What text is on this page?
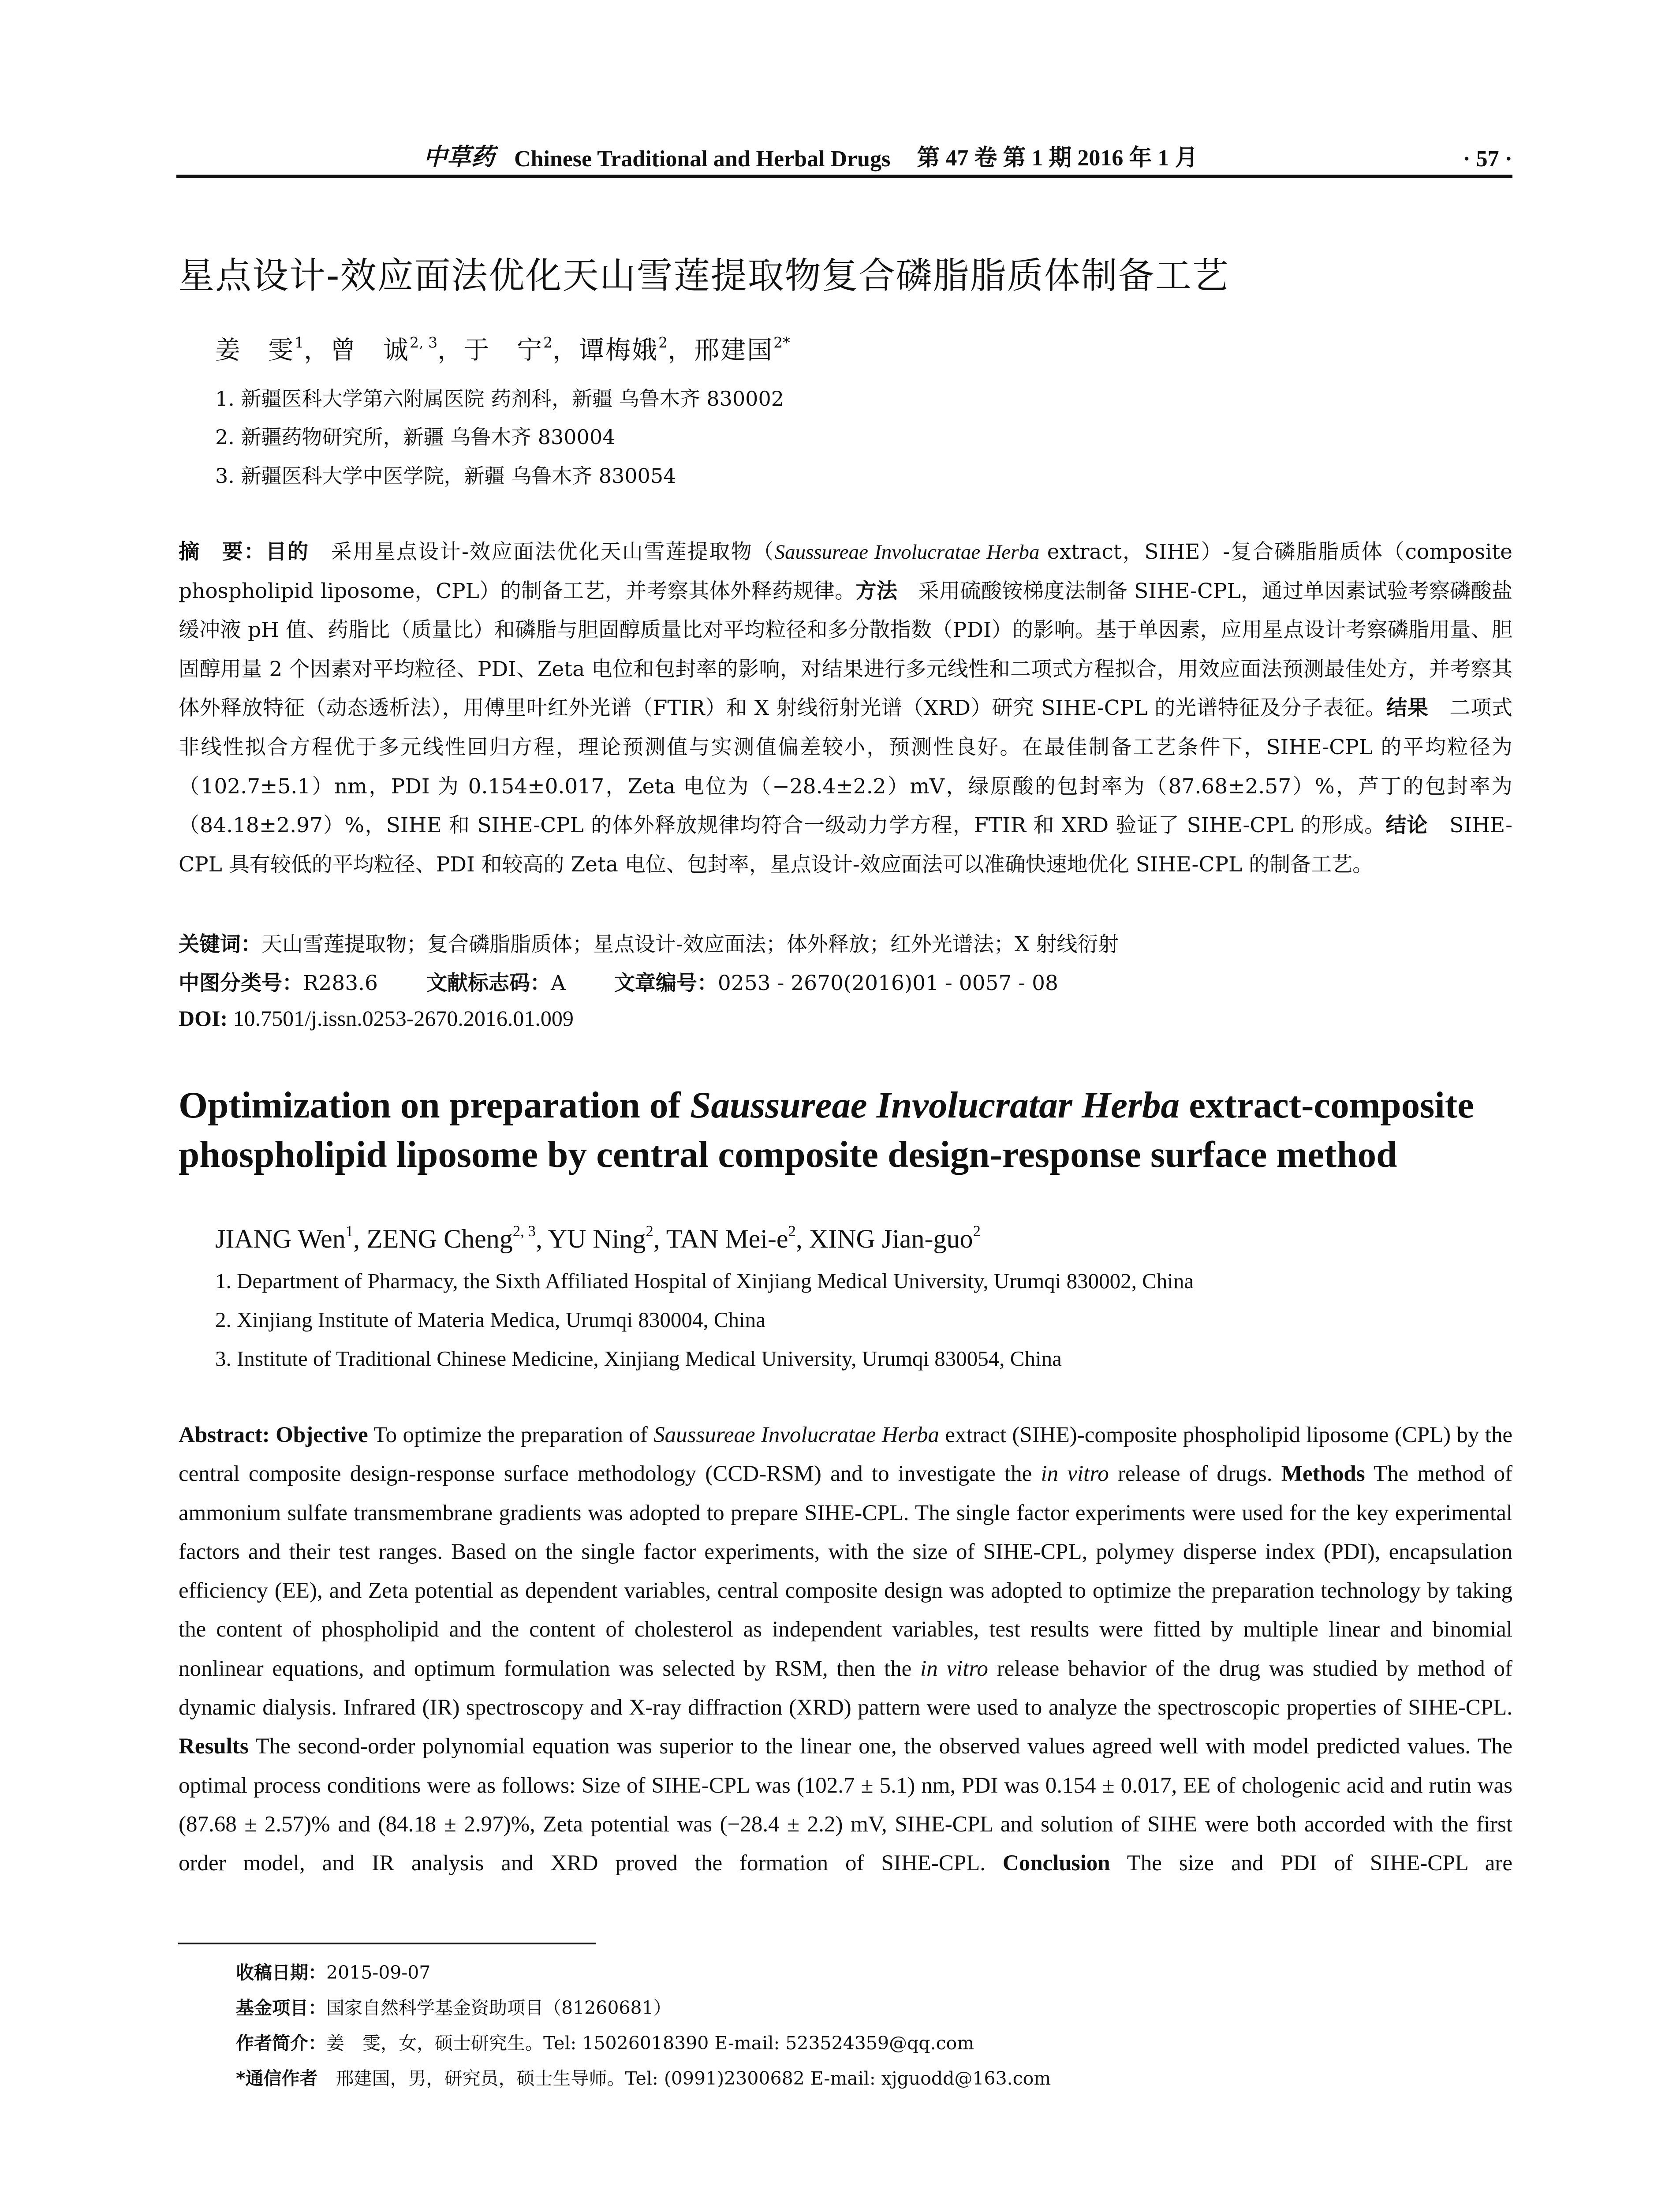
中草药 Chinese Traditional and Herbal Drugs 第 47 卷 第 1 期 2016 年 1 月	· 57 ·
星点设计-效应面法优化天山雪莲提取物复合磷脂脂质体制备工艺
姜　雯$^1$，曾　诚$^{2, 3}$，于　宁$^2$，谭梅娥$^2$，邢建国$^{2*}$
1. 新疆医科大学第六附属医院 药剂科，新疆 乌鲁木齐 830002
2. 新疆药物研究所，新疆 乌鲁木齐 830004
3. 新疆医科大学中医学院，新疆 乌鲁木齐 830054
摘　要：目的　采用星点设计-效应面法优化天山雪莲提取物（Saussureae Involucratae Herba extract，SIHE）-复合磷脂脂质体（composite phospholipid liposome，CPL）的制备工艺，并考察其体外释药规律。方法　采用硫酸铵梯度法制备 SIHE-CPL，通过单因素试验考察磷酸盐缓冲液 pH 值、药脂比（质量比）和磷脂与胆固醇质量比对平均粒径和多分散指数（PDI）的影响。基于单因素，应用星点设计考察磷脂用量、胆固醇用量 2 个因素对平均粒径、PDI、Zeta 电位和包封率的影响，对结果进行多元线性和二项式方程拟合，用效应面法预测最佳处方，并考察其体外释放特征（动态透析法），用傅里叶红外光谱（FTIR）和 X 射线衍射光谱（XRD）研究 SIHE-CPL 的光谱特征及分子表征。结果　二项式非线性拟合方程优于多元线性回归方程，理论预测值与实测值偏差较小，预测性良好。在最佳制备工艺条件下，SIHE-CPL 的平均粒径为（102.7±5.1）nm，PDI 为 0.154±0.017，Zeta 电位为（−28.4±2.2）mV，绿原酸的包封率为（87.68±2.57）%，芦丁的包封率为（84.18±2.97）%，SIHE 和 SIHE-CPL 的体外释放规律均符合一级动力学方程，FTIR 和 XRD 验证了 SIHE-CPL 的形成。结论　SIHE-CPL 具有较低的平均粒径、PDI 和较高的 Zeta 电位、包封率，星点设计-效应面法可以准确快速地优化 SIHE-CPL 的制备工艺。
关键词：天山雪莲提取物；复合磷脂脂质体；星点设计-效应面法；体外释放；红外光谱法；X 射线衍射
中图分类号：R283.6 文献标志码：A 文章编号：0253 - 2670(2016)01 - 0057 - 08
DOI: 10.7501/j.issn.0253-2670.2016.01.009
Optimization on preparation of Saussureae Involucratar Herba extract-composite phospholipid liposome by central composite design-response surface method
JIANG Wen$^1$, ZENG Cheng$^{2, 3}$, YU Ning$^2$, TAN Mei-$e^2$, XING Jian-guo$^2$
1. Department of Pharmacy, the Sixth Affiliated Hospital of Xinjiang Medical University, Urumqi 830002, China
2. Xinjiang Institute of Materia Medica, Urumqi 830004, China
3. Institute of Traditional Chinese Medicine, Xinjiang Medical University, Urumqi 830054, China
Abstract: Objective To optimize the preparation of Saussureae Involucratae Herba extract (SIHE)-composite phospholipid liposome (CPL) by the central composite design-response surface methodology (CCD-RSM) and to investigate the in vitro release of drugs. Methods The method of ammonium sulfate transmembrane gradients was adopted to prepare SIHE-CPL. The single factor experiments were used for the key experimental factors and their test ranges. Based on the single factor experiments, with the size of SIHE-CPL, polymey disperse index (PDI), encapsulation efficiency (EE), and Zeta potential as dependent variables, central composite design was adopted to optimize the preparation technology by taking the content of phospholipid and the content of cholesterol as independent variables, test results were fitted by multiple linear and binomial nonlinear equations, and optimum formulation was selected by RSM, then the in vitro release behavior of the drug was studied by method of dynamic dialysis. Infrared (IR) spectroscopy and X-ray diffraction (XRD) pattern were used to analyze the spectroscopic properties of SIHE-CPL. Results The second-order polynomial equation was superior to the linear one, the observed values agreed well with model predicted values. The optimal process conditions were as follows: Size of SIHE-CPL was (102.7 ± 5.1) nm, PDI was 0.154 ± 0.017, EE of chologenic acid and rutin was (87.68 ± 2.57)% and (84.18 ± 2.97)%, Zeta potential was (−28.4 ± 2.2) mV, SIHE-CPL and solution of SIHE were both accorded with the first order model, and IR analysis and XRD proved the formation of SIHE-CPL. Conclusion The size and PDI of SIHE-CPL are
收稿日期：2015-09-07
基金项目：国家自然科学基金资助项目（81260681）
作者简介：姜　雯，女，硕士研究生。Tel: 15026018390 E-mail: 523524359@qq.com
*通信作者　邢建国，男，研究员，硕士生导师。Tel: (0991)2300682 E-mail: xjguodd@163.com
